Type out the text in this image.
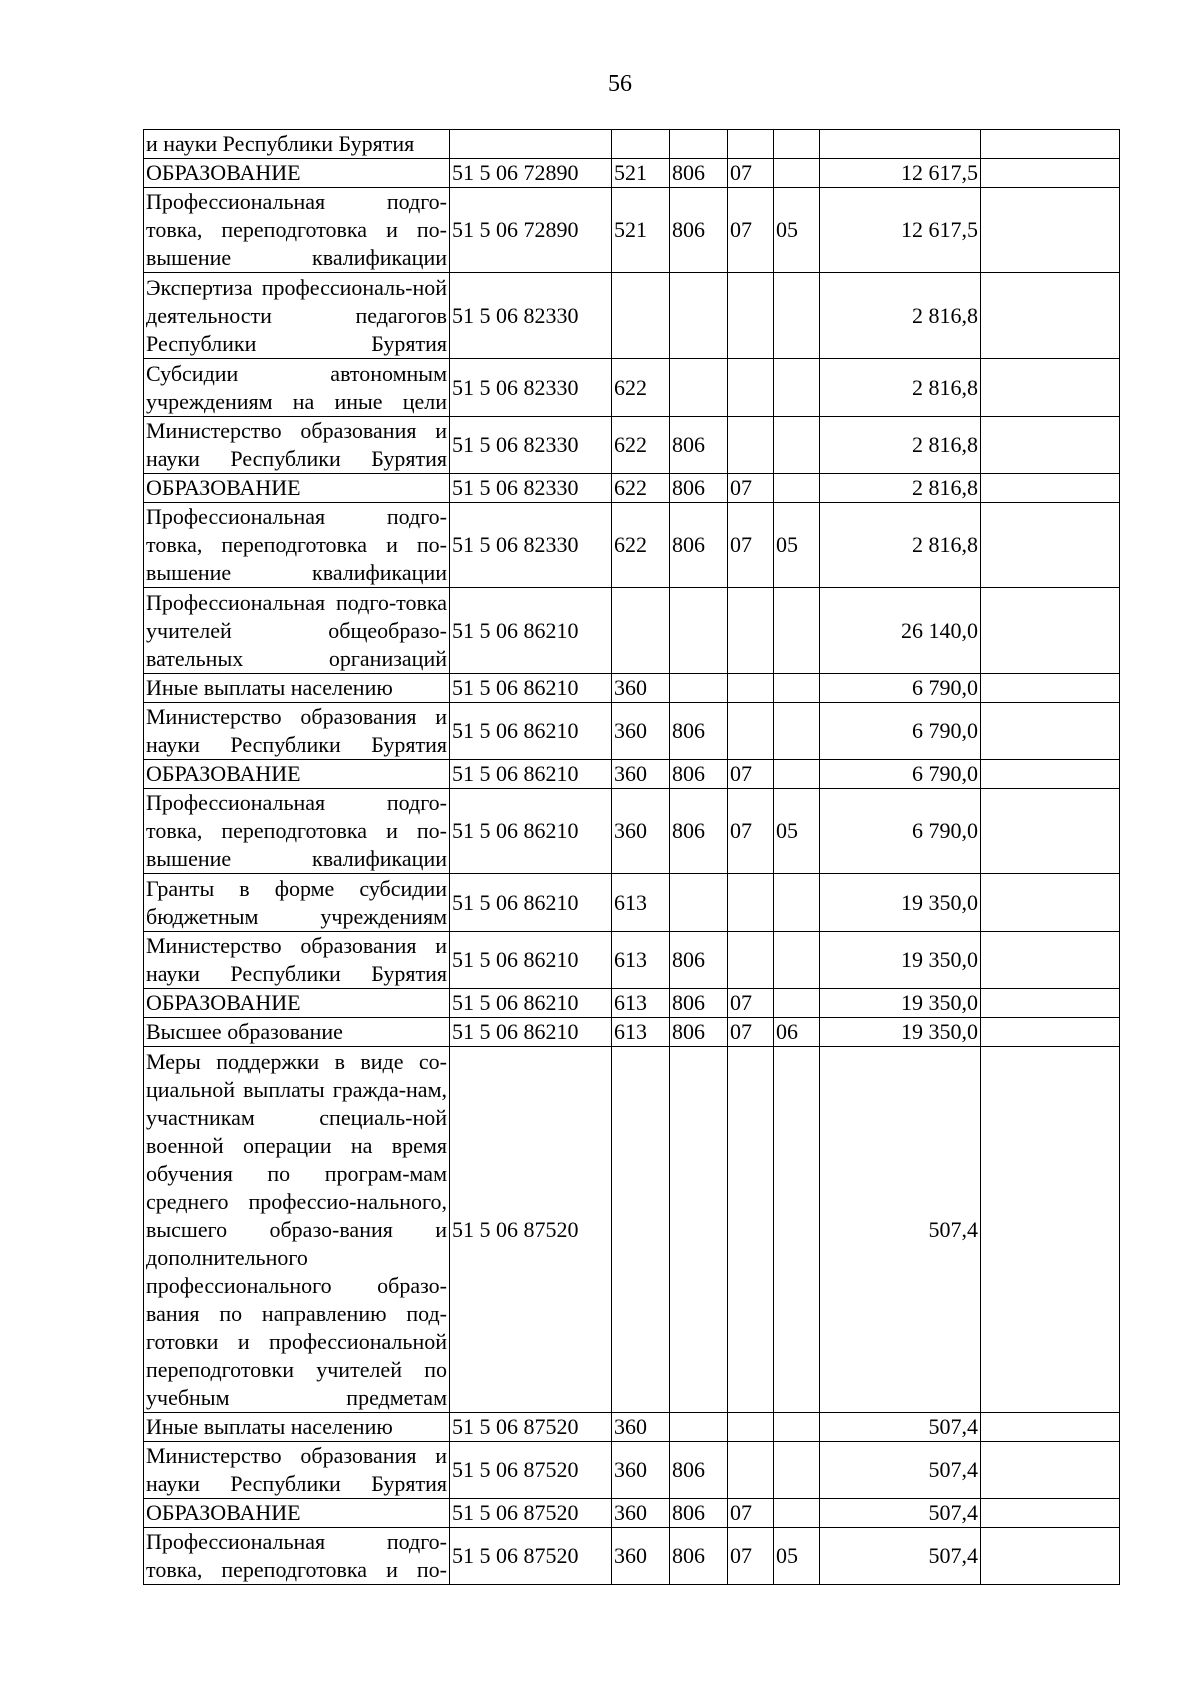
56
и науки Республики Бурятия							
ОБРАЗОВАНИЕ	51 5 06 72890	521	806	07		12 617,5	
Профессиональная подго-товка, переподготовка и по-вышение квалификации	51 5 06 72890	521	806	07	05	12 617,5	
Экспертиза профессиональ-ной деятельности педагогов Республики Бурятия	51 5 06 82330					2 816,8	
Субсидии автономным учреждениям на иные цели	51 5 06 82330	622				2 816,8	
Министерство образования и науки Республики Бурятия	51 5 06 82330	622	806			2 816,8	
ОБРАЗОВАНИЕ	51 5 06 82330	622	806	07		2 816,8	
Профессиональная подго-товка, переподготовка и по-вышение квалификации	51 5 06 82330	622	806	07	05	2 816,8	
Профессиональная подго-товка учителей общеобразо-вательных организаций	51 5 06 86210					26 140,0	
Иные выплаты населению	51 5 06 86210	360				6 790,0	
Министерство образования и науки Республики Бурятия	51 5 06 86210	360	806			6 790,0	
ОБРАЗОВАНИЕ	51 5 06 86210	360	806	07		6 790,0	
Профессиональная подго-товка, переподготовка и по-вышение квалификации	51 5 06 86210	360	806	07	05	6 790,0	
Гранты в форме субсидии бюджетным учреждениям	51 5 06 86210	613				19 350,0	
Министерство образования и науки Республики Бурятия	51 5 06 86210	613	806			19 350,0	
ОБРАЗОВАНИЕ	51 5 06 86210	613	806	07		19 350,0	
Высшее образование	51 5 06 86210	613	806	07	06	19 350,0	
Меры поддержки в виде со-циальной выплаты гражда-нам, участникам специаль-ной военной операции на время обучения по програм-мам среднего профессио-нального, высшего образо-вания и дополнительного профессионального образо-вания по направлению под-готовки и профессиональной переподготовки учителей по учебным предметам	51 5 06 87520					507,4	
Иные выплаты населению	51 5 06 87520	360				507,4	
Министерство образования и науки Республики Бурятия	51 5 06 87520	360	806			507,4	
ОБРАЗОВАНИЕ	51 5 06 87520	360	806	07		507,4	
Профессиональная подго-товка, переподготовка и по-	51 5 06 87520	360	806	07	05	507,4	
